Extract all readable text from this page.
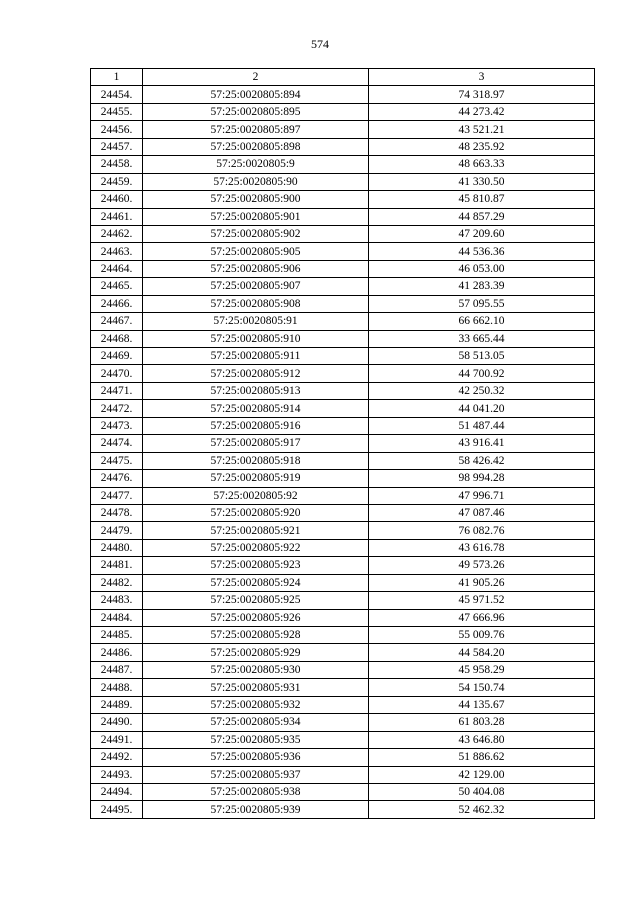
574
1	2	3
24454.	57:25:0020805:894	74 318.97
24455.	57:25:0020805:895	44 273.42
24456.	57:25:0020805:897	43 521.21
24457.	57:25:0020805:898	48 235.92
24458.	57:25:0020805:9	48 663.33
24459.	57:25:0020805:90	41 330.50
24460.	57:25:0020805:900	45 810.87
24461.	57:25:0020805:901	44 857.29
24462.	57:25:0020805:902	47 209.60
24463.	57:25:0020805:905	44 536.36
24464.	57:25:0020805:906	46 053.00
24465.	57:25:0020805:907	41 283.39
24466.	57:25:0020805:908	57 095.55
24467.	57:25:0020805:91	66 662.10
24468.	57:25:0020805:910	33 665.44
24469.	57:25:0020805:911	58 513.05
24470.	57:25:0020805:912	44 700.92
24471.	57:25:0020805:913	42 250.32
24472.	57:25:0020805:914	44 041.20
24473.	57:25:0020805:916	51 487.44
24474.	57:25:0020805:917	43 916.41
24475.	57:25:0020805:918	58 426.42
24476.	57:25:0020805:919	98 994.28
24477.	57:25:0020805:92	47 996.71
24478.	57:25:0020805:920	47 087.46
24479.	57:25:0020805:921	76 082.76
24480.	57:25:0020805:922	43 616.78
24481.	57:25:0020805:923	49 573.26
24482.	57:25:0020805:924	41 905.26
24483.	57:25:0020805:925	45 971.52
24484.	57:25:0020805:926	47 666.96
24485.	57:25:0020805:928	55 009.76
24486.	57:25:0020805:929	44 584.20
24487.	57:25:0020805:930	45 958.29
24488.	57:25:0020805:931	54 150.74
24489.	57:25:0020805:932	44 135.67
24490.	57:25:0020805:934	61 803.28
24491.	57:25:0020805:935	43 646.80
24492.	57:25:0020805:936	51 886.62
24493.	57:25:0020805:937	42 129.00
24494.	57:25:0020805:938	50 404.08
24495.	57:25:0020805:939	52 462.32
